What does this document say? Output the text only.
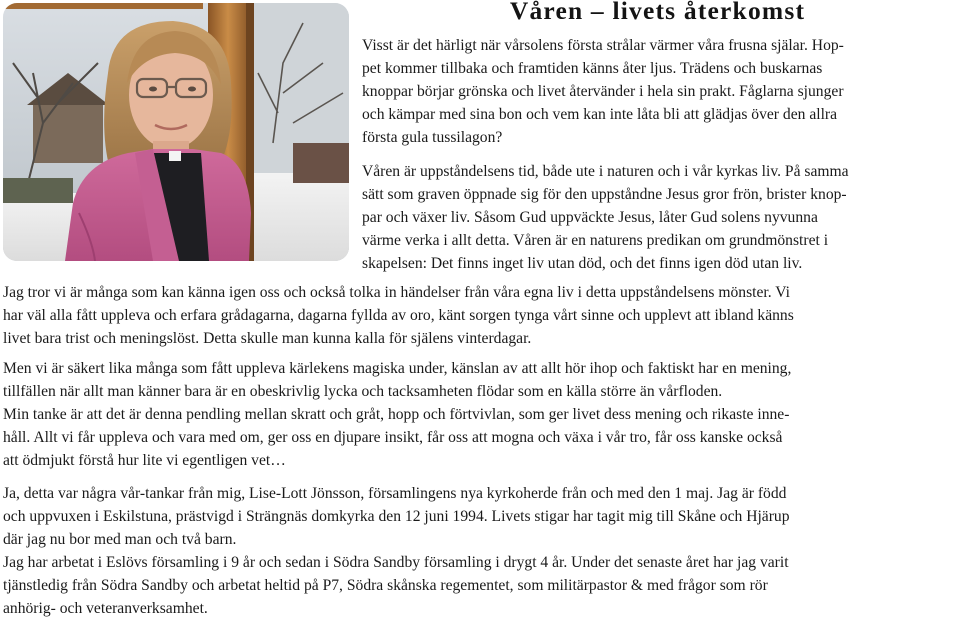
Våren – livets återkomst
Visst är det härligt när vårsolens första strålar värmer våra frusna själar. Hop-
pet kommer tillbaka och framtiden känns åter ljus. Trädens och buskarnas
knoppar börjar grönska och livet återvänder i hela sin prakt. Fåglarna sjunger
och kämpar med sina bon och vem kan inte låta bli att glädjas över den allra
första gula tussilagon?
Våren är uppståndelsens tid, både ute i naturen och i vår kyrkas liv. På samma
sätt som graven öppnade sig för den uppståndne Jesus gror frön, brister knop-
par och växer liv. Såsom Gud uppväckte Jesus, låter Gud solens nyvunna
värme verka i allt detta. Våren är en naturens predikan om grundmönstret i
skapelsen: Det finns inget liv utan död, och det finns igen död utan liv.
Jag tror vi är många som kan känna igen oss och också tolka in händelser från våra egna liv i detta uppståndelsens mönster. Vi
har väl alla fått uppleva och erfara grådagarna, dagarna fyllda av oro, känt sorgen tynga vårt sinne och upplevt att ibland känns
livet bara trist och meningslöst. Detta skulle man kunna kalla för själens vinterdagar.
Men vi är säkert lika många som fått uppleva kärlekens magiska under, känslan av att allt hör ihop och faktiskt har en mening,
tillfällen när allt man känner bara är en obeskrivlig lycka och tacksamheten flödar som en källa större än vårfloden.
Min tanke är att det är denna pendling mellan skratt och gråt, hopp och förtvivlan, som ger livet dess mening och rikaste inne-
håll. Allt vi får uppleva och vara med om, ger oss en djupare insikt, får oss att mogna och växa i vår tro, får oss kanske också
att ödmjukt förstå hur lite vi egentligen vet…
Ja, detta var några vår-tankar från mig, Lise-Lott Jönsson, församlingens nya kyrkoherde från och med den 1 maj. Jag är född
och uppvuxen i Eskilstuna, prästvigd i Strängnäs domkyrka den 12 juni 1994. Livets stigar har tagit mig till Skåne och Hjärup
där jag nu bor med man och två barn.
Jag har arbetat i Eslövs församling i 9 år och sedan i Södra Sandby församling i drygt 4 år. Under det senaste året har jag varit
tjänstledig från Södra Sandby och arbetat heltid på P7, Södra skånska regementet, som militärpastor & med frågor som rör
anhörig- och veteranverksamhet.
